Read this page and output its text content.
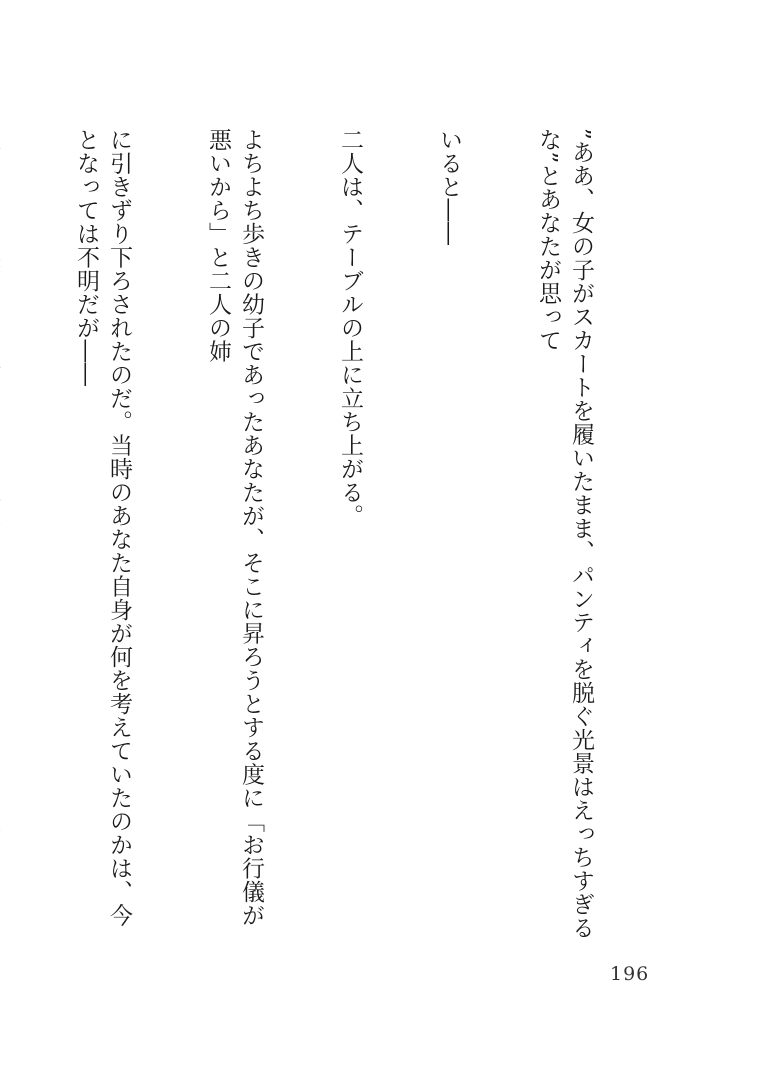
”ああ、女の子がスカートを履いたまま、パンティを脱ぐ光景はえっちすぎるな”とあなたが思って

いると――

二人は、テーブルの上に立ち上がる。

よちよち歩きの幼子であったあなたが、そこに昇ろうとする度に「お行儀が悪いから」と二人の姉

に引きずり下ろされたのだ。当時のあなた自身が何を考えていたのかは、今となっては不明だが――

196
